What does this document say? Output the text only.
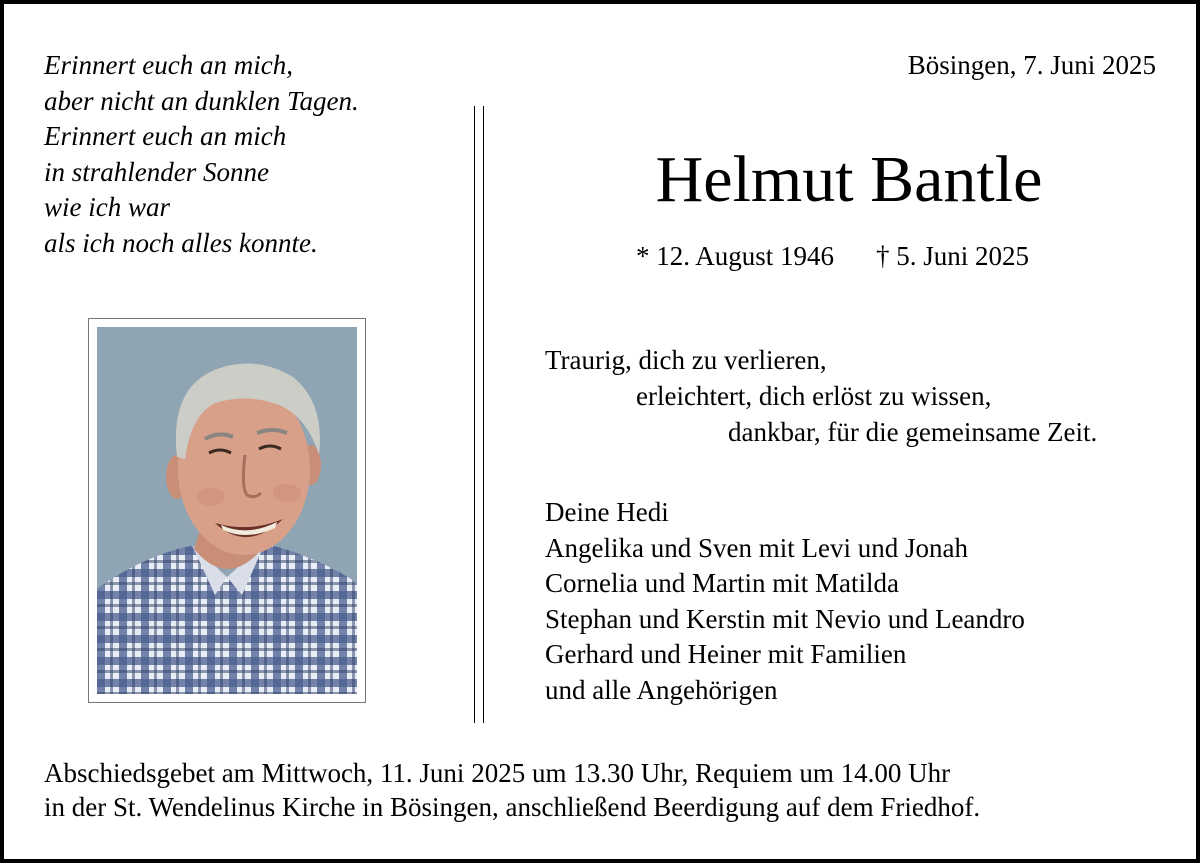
Erinnert euch an mich,
aber nicht an dunklen Tagen.
Erinnert euch an mich
in strahlender Sonne
wie ich war
als ich noch alles konnte.
Bösingen, 7. Juni 2025
Helmut Bantle
* 12. August 1946 † 5. Juni 2025
Traurig, dich zu verlieren,
erleichtert, dich erlöst zu wissen,
dankbar, für die gemeinsame Zeit.
Deine Hedi
Angelika und Sven mit Levi und Jonah
Cornelia und Martin mit Matilda
Stephan und Kerstin mit Nevio und Leandro
Gerhard und Heiner mit Familien
und alle Angehörigen
Abschiedsgebet am Mittwoch, 11. Juni 2025 um 13.30 Uhr, Requiem um 14.00 Uhr
in der St. Wendelinus Kirche in Bösingen, anschließend Beerdigung auf dem Friedhof.
